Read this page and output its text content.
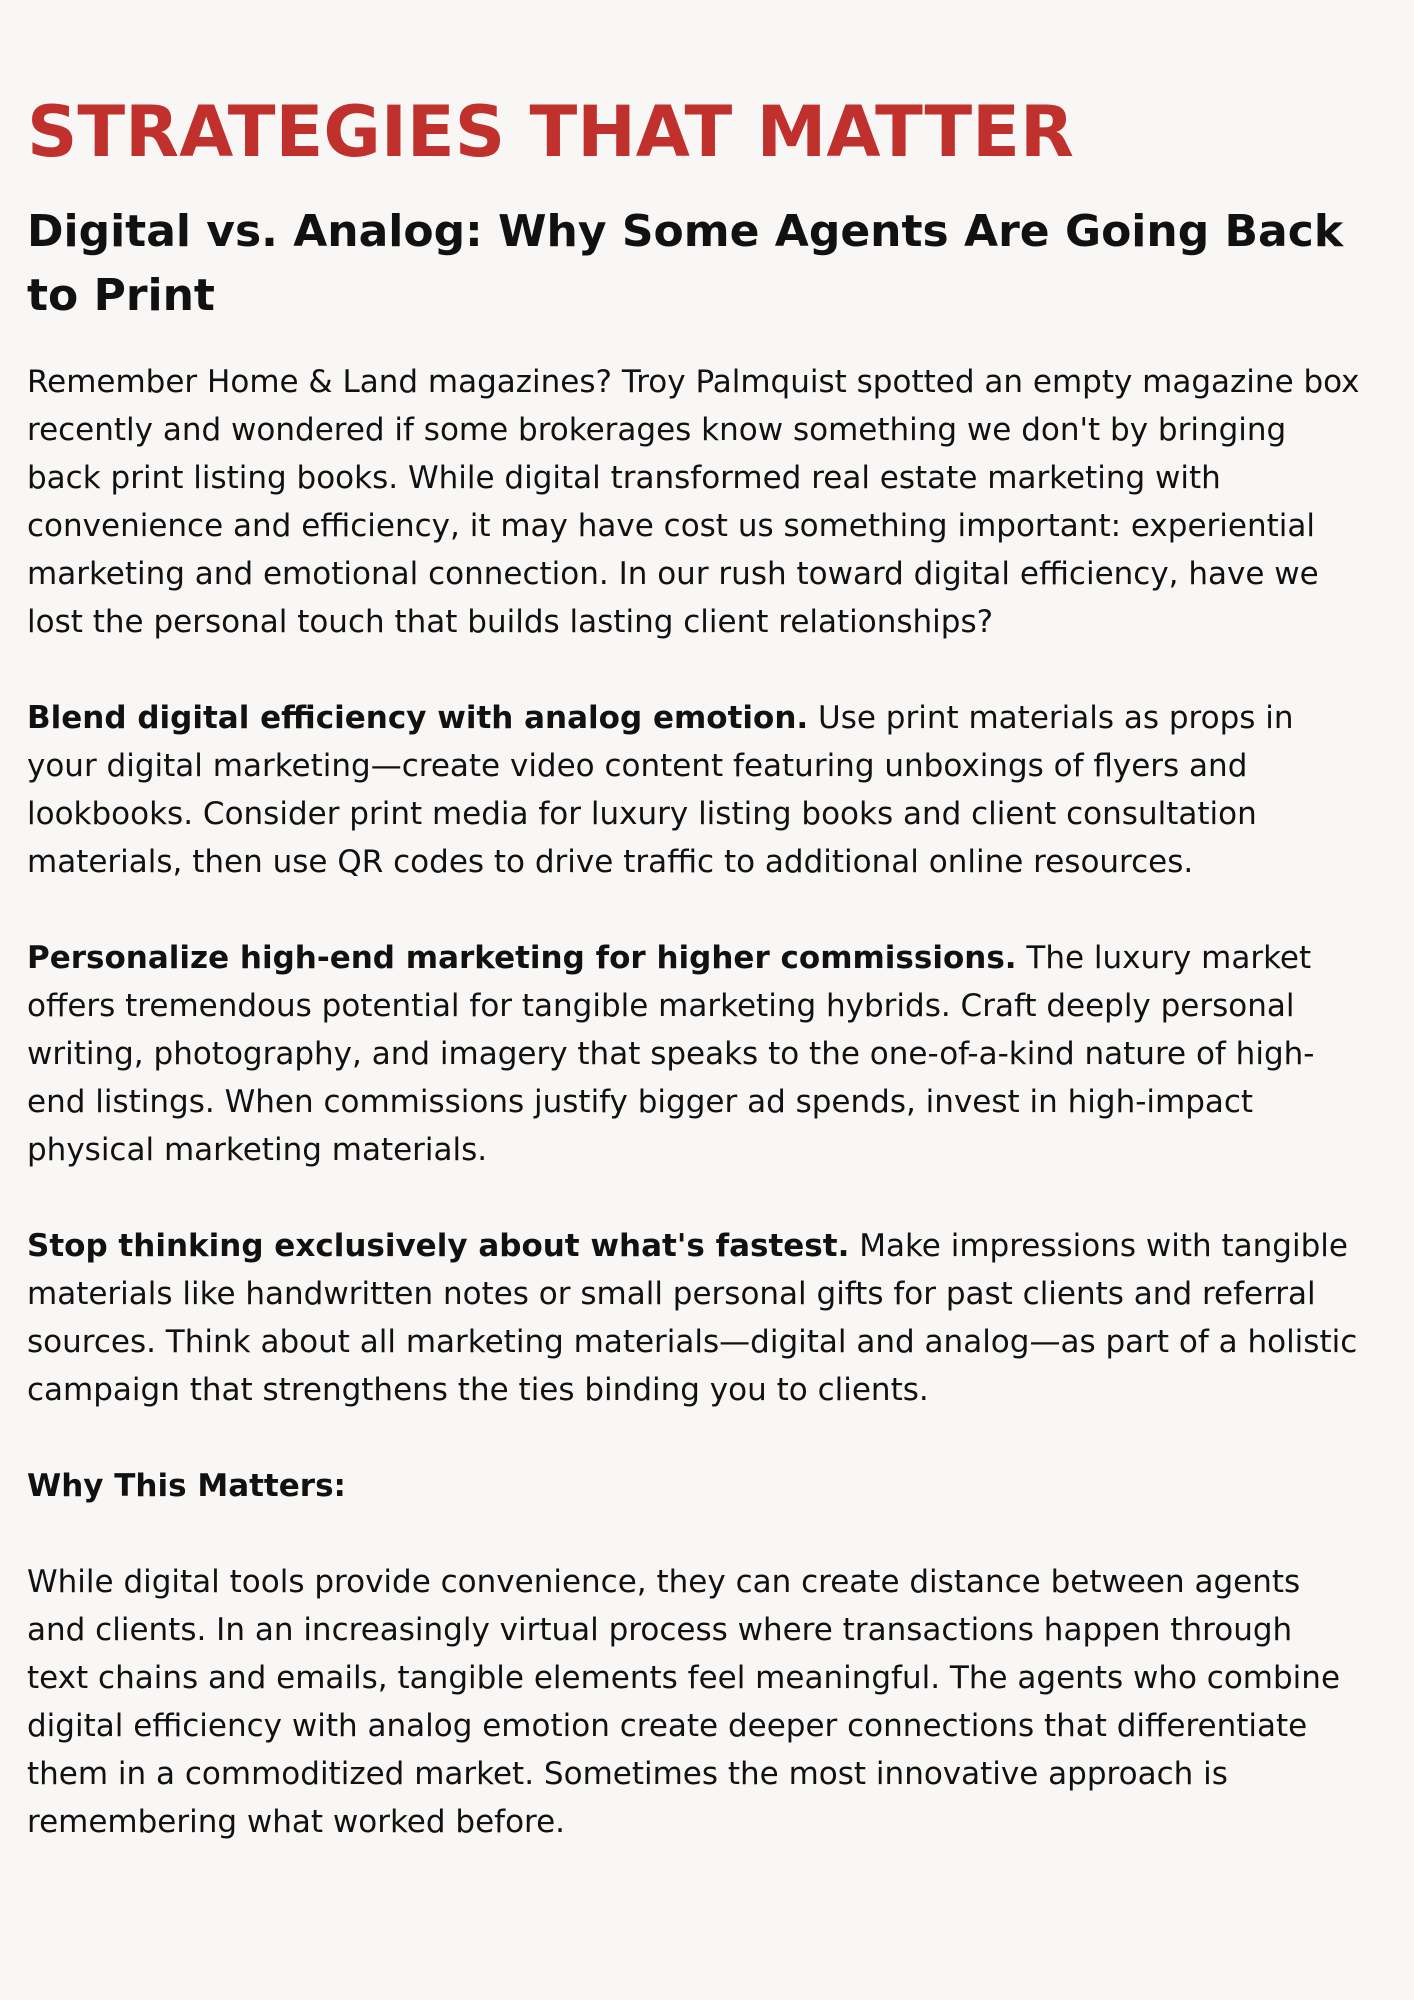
STRATEGIES THAT MATTER
Digital vs. Analog: Why Some Agents Are Going Back to Print

Remember Home & Land magazines? Troy Palmquist spotted an empty magazine box recently and wondered if some brokerages know something we don't by bringing back print listing books. While digital transformed real estate marketing with convenience and efficiency, it may have cost us something important: experiential marketing and emotional connection. In our rush toward digital efficiency, have we lost the personal touch that builds lasting client relationships?

Blend digital efficiency with analog emotion. Use print materials as props in your digital marketing—create video content featuring unboxings of flyers and lookbooks. Consider print media for luxury listing books and client consultation materials, then use QR codes to drive traffic to additional online resources.

Personalize high-end marketing for higher commissions. The luxury market offers tremendous potential for tangible marketing hybrids. Craft deeply personal writing, photography, and imagery that speaks to the one-of-a-kind nature of high-end listings. When commissions justify bigger ad spends, invest in high-impact physical marketing materials.

Stop thinking exclusively about what's fastest. Make impressions with tangible materials like handwritten notes or small personal gifts for past clients and referral sources. Think about all marketing materials—digital and analog—as part of a holistic campaign that strengthens the ties binding you to clients.

Why This Matters:

While digital tools provide convenience, they can create distance between agents and clients. In an increasingly virtual process where transactions happen through text chains and emails, tangible elements feel meaningful. The agents who combine digital efficiency with analog emotion create deeper connections that differentiate them in a commoditized market. Sometimes the most innovative approach is remembering what worked before.
